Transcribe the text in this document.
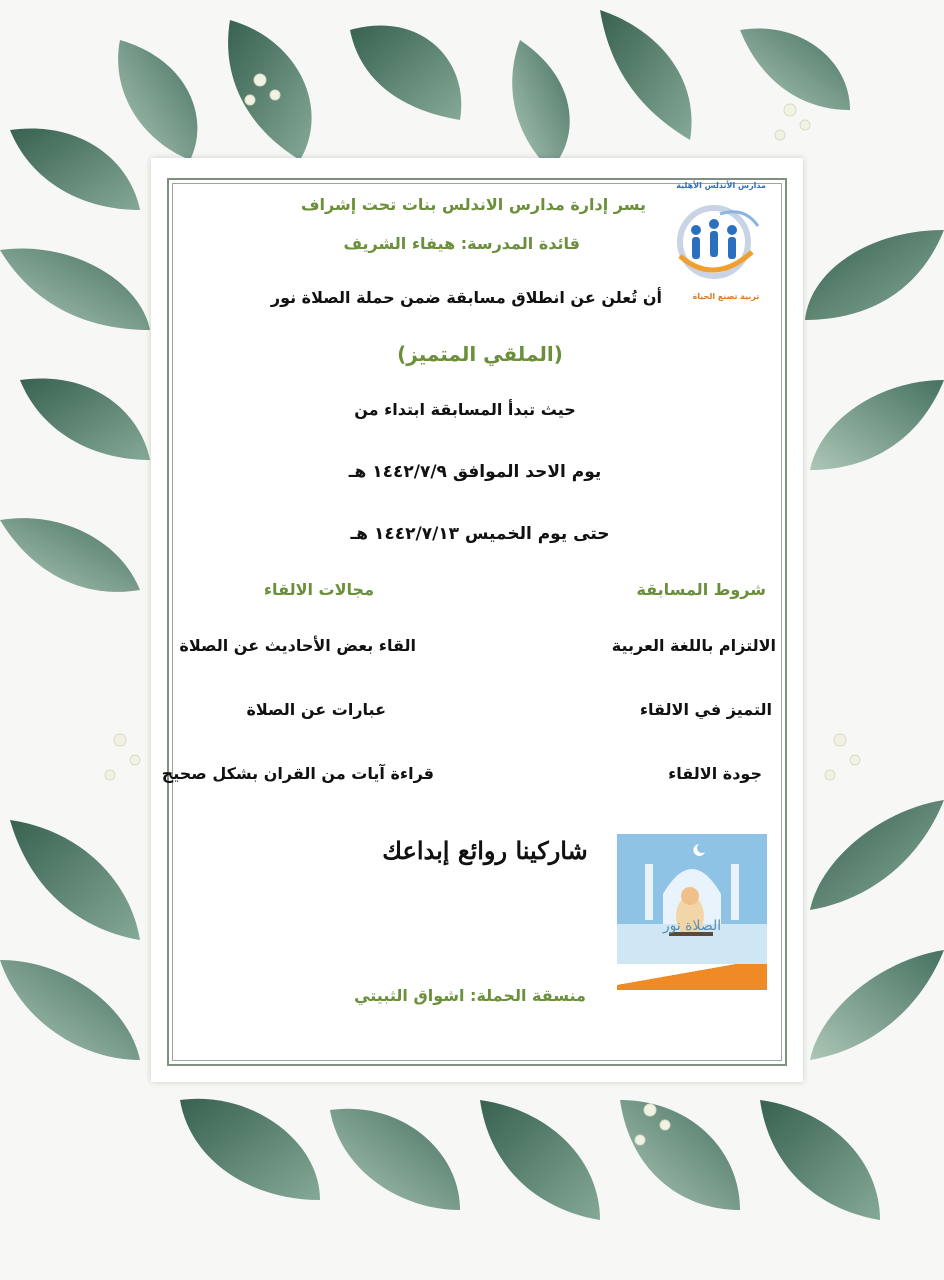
مدارس الأندلس الأهلية
تربية تصنع الحياة
يسر إدارة مدارس الاندلس بنات تحت إشراف
قائدة المدرسة: هيفاء الشريف
أن تُعلن عن انطلاق مسابقة ضمن حملة الصلاة نور
(الملقي المتميز)
حيث تبدأ المسابقة ابتداء من
يوم الاحد الموافق ١٤٤٢/٧/٩ هـ
حتى يوم الخميس ١٤٤٢/٧/١٣ هـ
شروط المسابقة
الالتزام باللغة العربية
التميز في الالقاء
جودة الالقاء
مجالات الالقاء
القاء بعض الأحاديث عن الصلاة
عبارات عن الصلاة
قراءة آيات من القران بشكل صحيح
شاركينا روائع إبداعك
الصلاة نور
منسقة الحملة: اشواق الثبيتي
